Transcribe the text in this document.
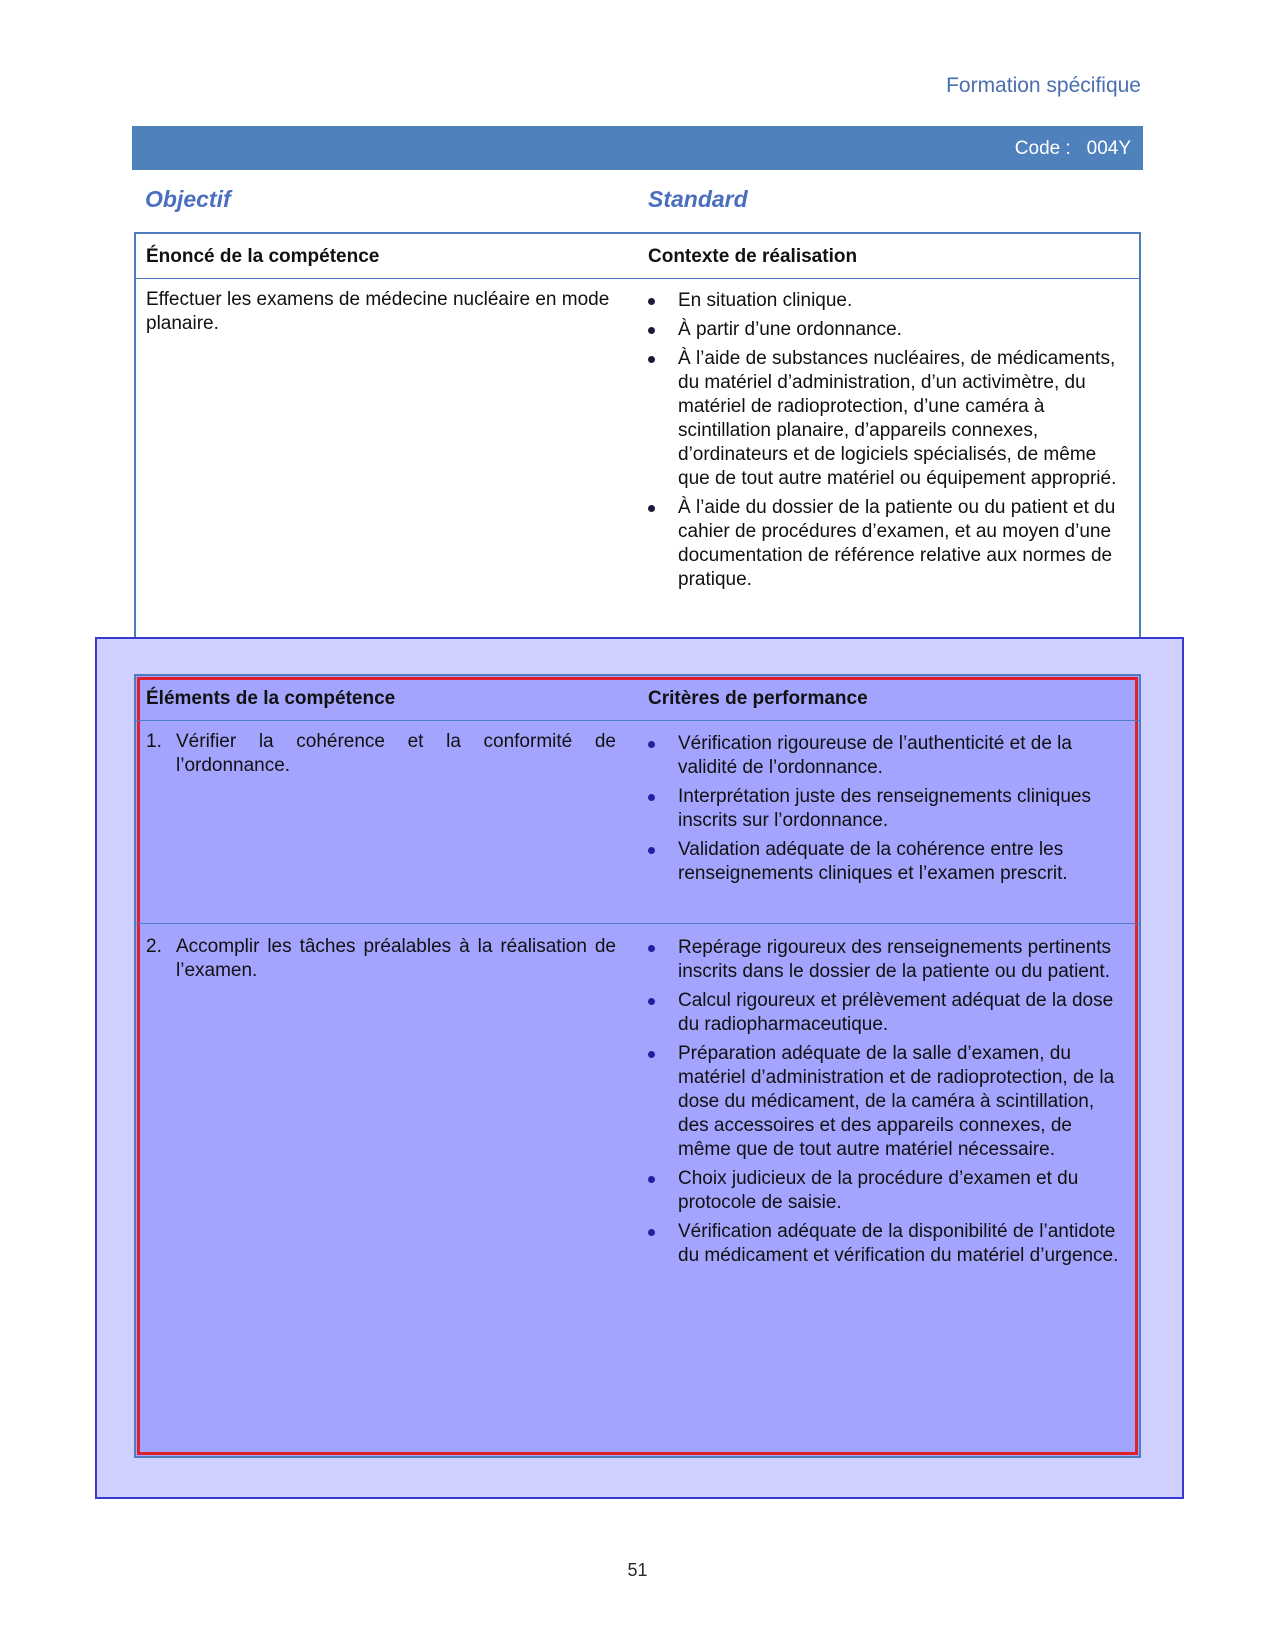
Formation spécifique
Code : 004Y
Objectif	Standard
Énoncé de la compétence	Contexte de réalisation
Effectuer les examens de médecine nucléaire en mode planaire.
En situation clinique.
À partir d’une ordonnance.
À l’aide de substances nucléaires, de médicaments, du matériel d’administration, d’un activimètre, du matériel de radioprotection, d’une caméra à scintillation planaire, d’appareils connexes, d’ordinateurs et de logiciels spécialisés, de même que de tout autre matériel ou équipement approprié.
À l’aide du dossier de la patiente ou du patient et du cahier de procédures d’examen, et au moyen d’une documentation de référence relative aux normes de pratique.
Éléments de la compétence	Critères de performance
1. Vérifier la cohérence et la conformité de l’ordonnance.
Vérification rigoureuse de l’authenticité et de la validité de l’ordonnance.
Interprétation juste des renseignements cliniques inscrits sur l’ordonnance.
Validation adéquate de la cohérence entre les renseignements cliniques et l’examen prescrit.
2. Accomplir les tâches préalables à la réalisation de l’examen.
Repérage rigoureux des renseignements pertinents inscrits dans le dossier de la patiente ou du patient.
Calcul rigoureux et prélèvement adéquat de la dose du radiopharmaceutique.
Préparation adéquate de la salle d’examen, du matériel d’administration et de radioprotection, de la dose du médicament, de la caméra à scintillation, des accessoires et des appareils connexes, de même que de tout autre matériel nécessaire.
Choix judicieux de la procédure d’examen et du protocole de saisie.
Vérification adéquate de la disponibilité de l’antidote du médicament et vérification du matériel d’urgence.
51
